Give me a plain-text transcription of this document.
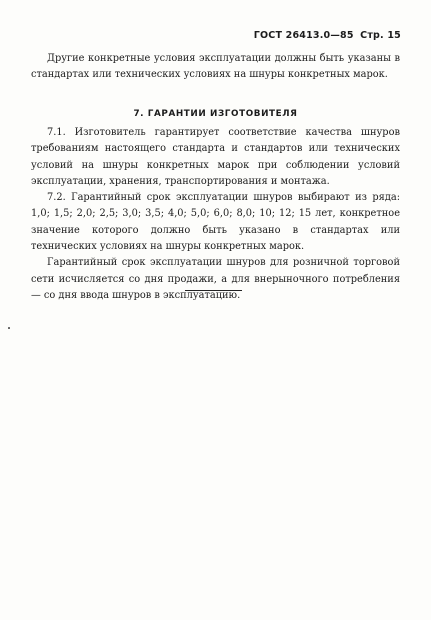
ГОСТ 26413.0—85 Стр. 15

Другие конкретные условия эксплуатации должны быть указаны в стандартах или технических условиях на шнуры конкретных марок.

7. ГАРАНТИИ ИЗГОТОВИТЕЛЯ

7.1. Изготовитель гарантирует соответствие качества шнуров требованиям настоящего стандарта и стандартов или технических условий на шнуры конкретных марок при соблюдении условий эксплуатации, хранения, транспортирования и монтажа.

7.2. Гарантийный срок эксплуатации шнуров выбирают из ряда: 1,0; 1,5; 2,0; 2,5; 3,0; 3,5; 4,0; 5,0; 6,0; 8,0; 10; 12; 15 лет, конкретное значение которого должно быть указано в стандартах или технических условиях на шнуры конкретных марок.

Гарантийный срок эксплуатации шнуров для розничной торговой сети исчисляется со дня продажи, а для внерыночного потребления — со дня ввода шнуров в эксплуатацию.
